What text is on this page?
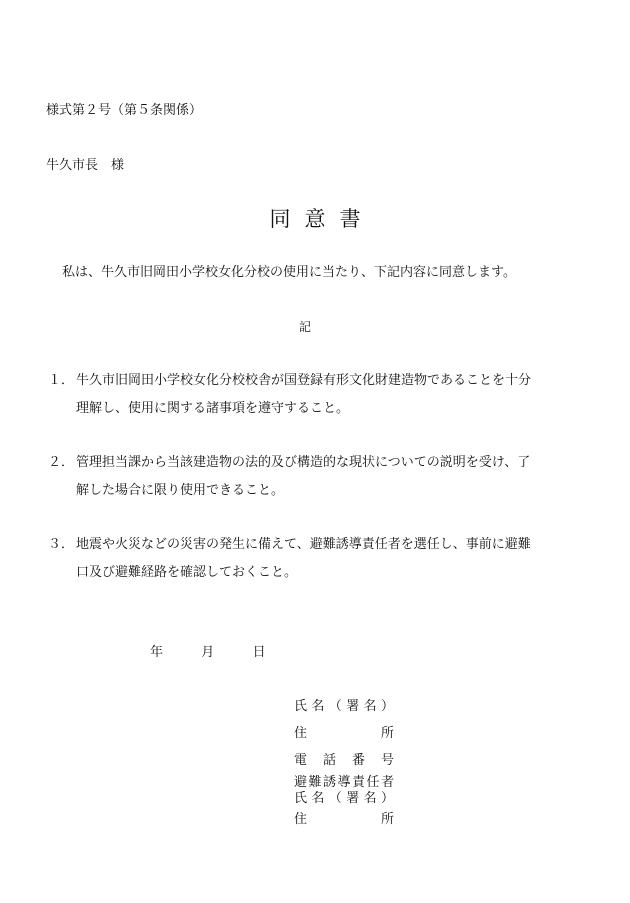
様式第２号（第５条関係）
牛久市長　様
同意書
私は、牛久市旧岡田小学校女化分校の使用に当たり、下記内容に同意します。
記
１． 牛久市旧岡田小学校女化分校校舎が国登録有形文化財建造物であることを十分
理解し、使用に関する諸事項を遵守すること。
２． 管理担当課から当該建造物の法的及び構造的な現状についての説明を受け、了
解した場合に限り使用できること。
３． 地震や火災などの災害の発生に備えて、避難誘導責任者を選任し、事前に避難
口及び避難経路を確認しておくこと。
年	月	日
氏名（署名）
住所
電話番号
避難誘導責任者
氏名（署名）
住所
